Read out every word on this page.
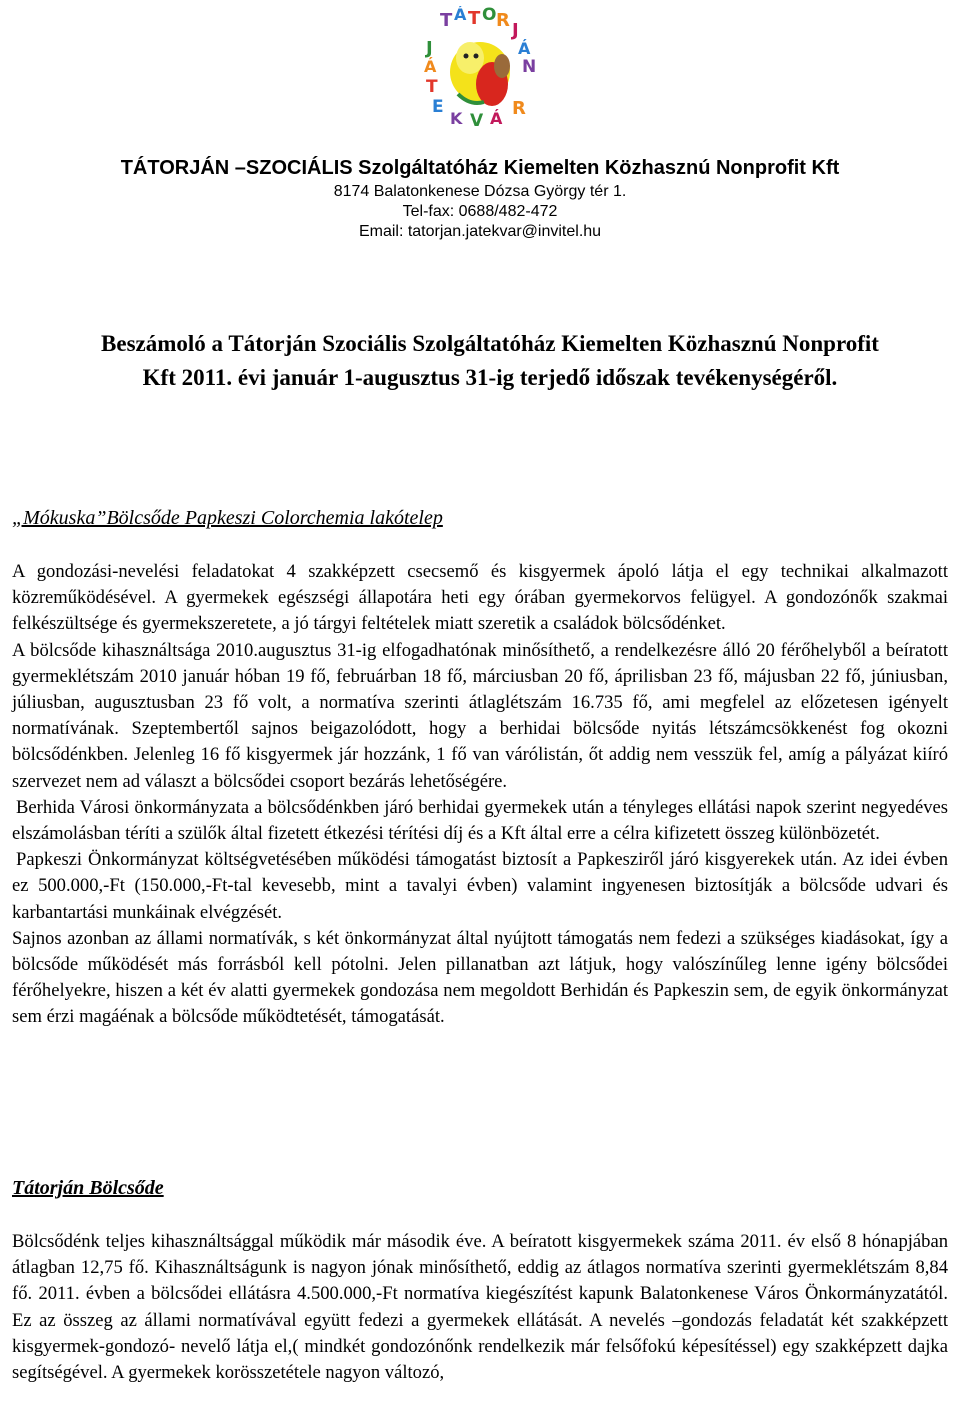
T Á T O R J
Á
N
J
Á
T
E
K V Á R
TÁTORJÁN –SZOCIÁLIS Szolgáltatóház Kiemelten Közhasznú Nonprofit Kft
8174 Balatonkenese Dózsa György tér 1.
Tel-fax: 0688/482-472
Email: tatorjan.jatekvar@invitel.hu
Beszámoló a Tátorján Szociális Szolgáltatóház Kiemelten Közhasznú Nonprofit
Kft 2011. évi január 1-augusztus 31-ig terjedő időszak tevékenységéről.
„Mókuska”Bölcsőde Papkeszi Colorchemia lakótelep

A gondozási-nevelési feladatokat 4 szakképzett csecsemő és kisgyermek ápoló látja el egy technikai alkalmazott közreműködésével. A gyermekek egészségi állapotára heti egy órában gyermekorvos felügyel. A gondozónők szakmai felkészültsége és gyermekszeretete, a jó tárgyi feltételek miatt szeretik a családok bölcsődénket.

A bölcsőde kihasználtsága 2010.augusztus 31-ig elfogadhatónak minősíthető, a rendelkezésre álló 20 férőhelyből a beíratott gyermeklétszám 2010 január hóban 19 fő, februárban 18 fő, márciusban 20 fő, áprilisban 23 fő, májusban 22 fő, júniusban, júliusban, augusztusban 23 fő volt, a normatíva szerinti átlaglétszám 16.735 fő, ami megfelel az előzetesen igényelt normatívának. Szeptembertől sajnos beigazolódott, hogy a berhidai bölcsőde nyitás létszámcsökkenést fog okozni bölcsődénkben. Jelenleg 16 fő kisgyermek jár hozzánk, 1 fő van várólistán, őt addig nem vesszük fel, amíg a pályázat kiíró szervezet nem ad választ a bölcsődei csoport bezárás lehetőségére.

Berhida Városi önkormányzata a bölcsődénkben járó berhidai gyermekek után a tényleges ellátási napok szerint negyedéves elszámolásban téríti a szülők által fizetett étkezési térítési díj és a Kft által erre a célra kifizetett összeg különbözetét.

Papkeszi Önkormányzat költségvetésében működési támogatást biztosít a Papkesziről járó kisgyerekek után. Az idei évben ez 500.000,-Ft (150.000,-Ft-tal kevesebb, mint a tavalyi évben) valamint ingyenesen biztosítják a bölcsőde udvari és karbantartási munkáinak elvégzését.

Sajnos azonban az állami normatívák, s két önkormányzat által nyújtott támogatás nem fedezi a szükséges kiadásokat, így a bölcsőde működését más forrásból kell pótolni. Jelen pillanatban azt látjuk, hogy valószínűleg lenne igény bölcsődei férőhelyekre, hiszen a két év alatti gyermekek gondozása nem megoldott Berhidán és Papkeszin sem, de egyik önkormányzat sem érzi magáénak a bölcsőde működtetését, támogatását.

Tátorján Bölcsőde

Bölcsődénk teljes kihasználtsággal működik már második éve. A beíratott kisgyermekek száma 2011. év első 8 hónapjában átlagban 12,75 fő. Kihasználtságunk is nagyon jónak minősíthető, eddig az átlagos normatíva szerinti gyermeklétszám 8,84 fő. 2011. évben a bölcsődei ellátásra 4.500.000,-Ft normatíva kiegészítést kapunk Balatonkenese Város Önkormányzatától. Ez az összeg az állami normatívával együtt fedezi a gyermekek ellátását. A nevelés –gondozás feladatát két szakképzett kisgyermek-gondozó- nevelő látja el,( mindkét gondozónőnk rendelkezik már felsőfokú képesítéssel) egy szakképzett dajka segítségével. A gyermekek korösszetétele nagyon változó,
